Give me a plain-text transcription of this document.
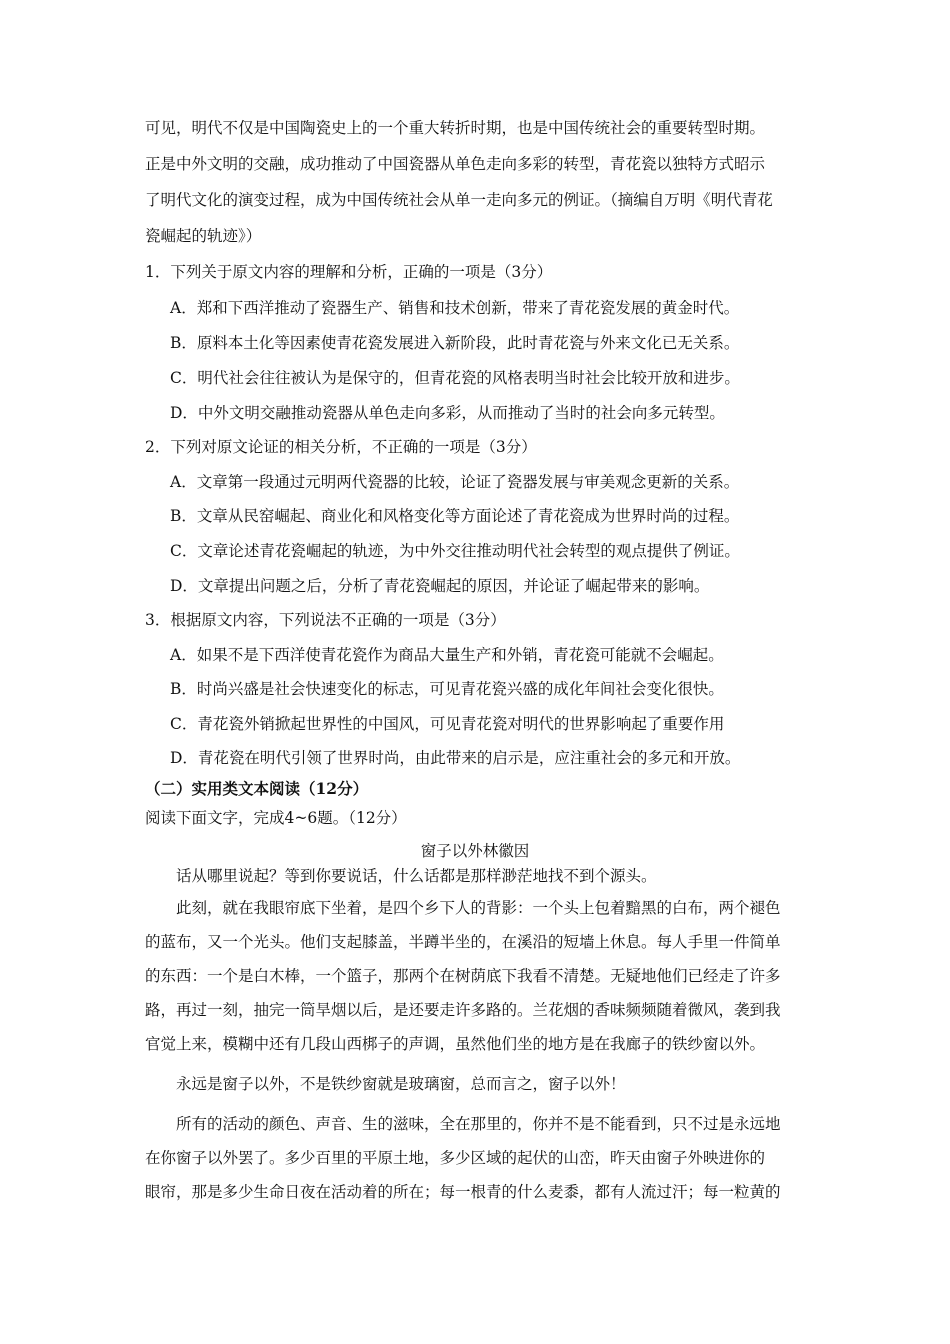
可见，明代不仅是中国陶瓷史上的一个重大转折时期，也是中国传统社会的重要转型时期。
正是中外文明的交融，成功推动了中国瓷器从单色走向多彩的转型，青花瓷以独特方式昭示
了明代文化的演变过程，成为中国传统社会从单一走向多元的例证。（摘编自万明《明代青花
瓷崛起的轨迹》）
1．下列关于原文内容的理解和分析，正确的一项是（3分）
A．郑和下西洋推动了瓷器生产、销售和技术创新，带来了青花瓷发展的黄金时代。
B．原料本土化等因素使青花瓷发展进入新阶段，此时青花瓷与外来文化已无关系。
C．明代社会往往被认为是保守的，但青花瓷的风格表明当时社会比较开放和进步。
D．中外文明交融推动瓷器从单色走向多彩，从而推动了当时的社会向多元转型。
2．下列对原文论证的相关分析，不正确的一项是（3分）
A．文章第一段通过元明两代瓷器的比较，论证了瓷器发展与审美观念更新的关系。
B．文章从民窑崛起、商业化和风格变化等方面论述了青花瓷成为世界时尚的过程。
C．文章论述青花瓷崛起的轨迹，为中外交往推动明代社会转型的观点提供了例证。
D．文章提出问题之后，分析了青花瓷崛起的原因，并论证了崛起带来的影响。
3．根据原文内容，下列说法不正确的一项是（3分）
A．如果不是下西洋使青花瓷作为商品大量生产和外销，青花瓷可能就不会崛起。
B．时尚兴盛是社会快速变化的标志，可见青花瓷兴盛的成化年间社会变化很快。
C．青花瓷外销掀起世界性的中国风，可见青花瓷对明代的世界影响起了重要作用
D．青花瓷在明代引领了世界时尚，由此带来的启示是，应注重社会的多元和开放。
（二）实用类文本阅读（12分）
阅读下面文字，完成4~6题。（12分）
窗子以外林徽因
话从哪里说起？等到你要说话，什么话都是那样渺茫地找不到个源头。
此刻，就在我眼帘底下坐着，是四个乡下人的背影：一个头上包着黯黑的白布，两个褪色
的蓝布，又一个光头。他们支起膝盖，半蹲半坐的，在溪沿的短墙上休息。每人手里一件简单
的东西：一个是白木棒，一个篮子，那两个在树荫底下我看不清楚。无疑地他们已经走了许多
路，再过一刻，抽完一筒旱烟以后，是还要走许多路的。兰花烟的香味频频随着微风，袭到我
官觉上来，模糊中还有几段山西梆子的声调，虽然他们坐的地方是在我廊子的铁纱窗以外。
永远是窗子以外，不是铁纱窗就是玻璃窗，总而言之，窗子以外！
所有的活动的颜色、声音、生的滋味，全在那里的，你并不是不能看到，只不过是永远地
在你窗子以外罢了。多少百里的平原土地，多少区域的起伏的山峦，昨天由窗子外映进你的
眼帘，那是多少生命日夜在活动着的所在；每一根青的什么麦黍，都有人流过汗；每一粒黄的
